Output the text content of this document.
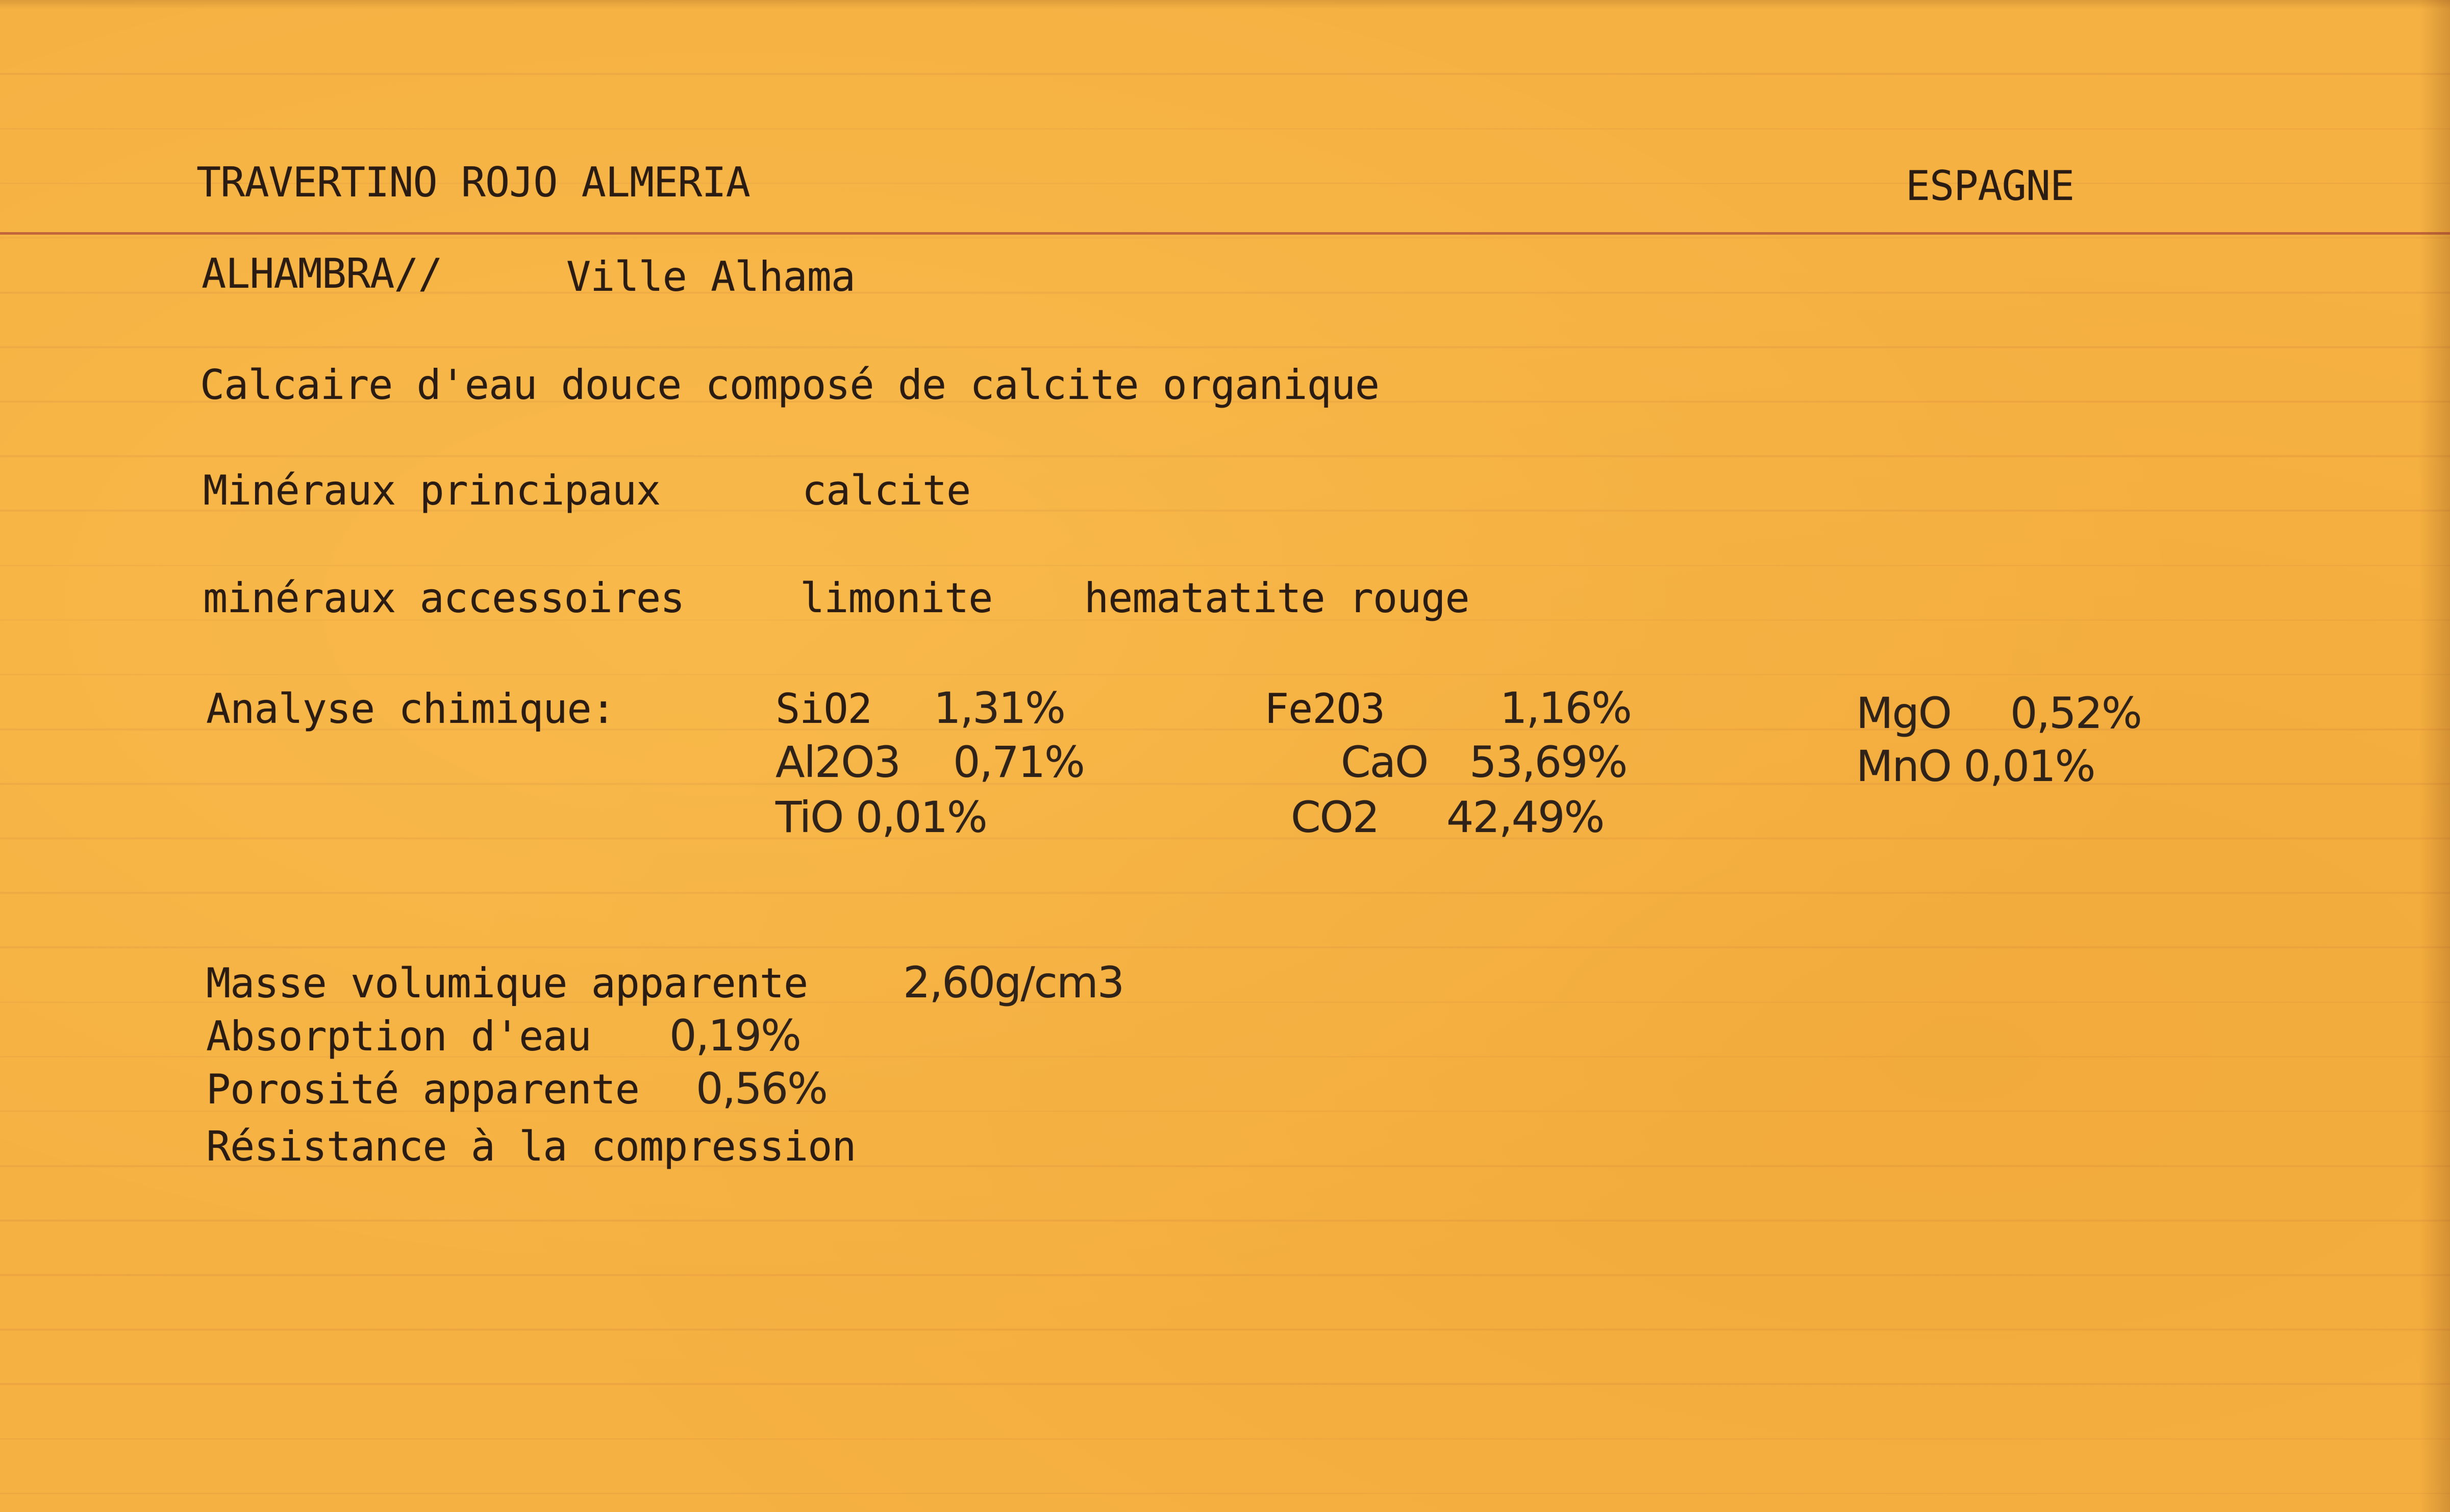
TRAVERTINO ROJO ALMERIA	ESPAGNE
ALHAMBRA//	Ville Alhama
Calcaire d'eau douce composé de calcite organique
Minéraux principaux	calcite
minéraux accessoires	limonite hematatite rouge
Analyse chimique:	SiO2 1,31%	Fe2O3	1,16%	MgO 0,52%
Al2O3 0,71%	CaO 53,69%	MnO 0,01%
TiO 0,01%	CO2 42,49%
Masse volumique apparente 2,60g/cm3
Absorption d'eau 0,19%
Porosité apparente 0,56%
Résistance à la compression
